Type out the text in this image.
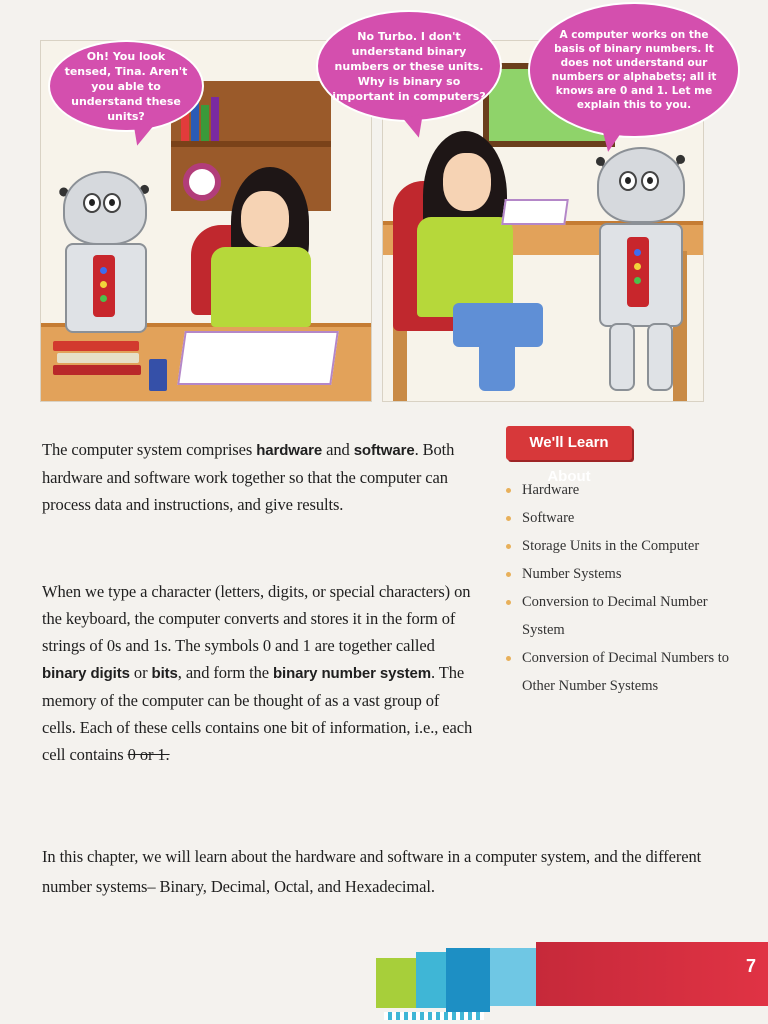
Oh! You look tensed, Tina. Aren't you able to understand these units?
No Turbo. I don't understand binary numbers or these units. Why is binary so important in computers?
A computer works on the basis of binary numbers. It does not understand our numbers or alphabets; all it knows are 0 and 1. Let me explain this to you.

The computer system comprises hardware and software. Both hardware and software work together so that the computer can process data and instructions, and give results.

When we type a character (letters, digits, or special characters) on the keyboard, the computer converts and stores it in the form of strings of 0s and 1s. The symbols 0 and 1 are together called binary digits or bits, and form the binary number system. The memory of the computer can be thought of as a vast group of cells. Each of these cells contains one bit of information, i.e., each cell contains 0 or 1.

In this chapter, we will learn about the hardware and software in a computer system, and the different number systems– Binary, Decimal, Octal, and Hexadecimal.

We'll Learn About
Hardware
Software
Storage Units in the Computer
Number Systems
Conversion to Decimal Number System
Conversion of Decimal Numbers to Other Number Systems
7
